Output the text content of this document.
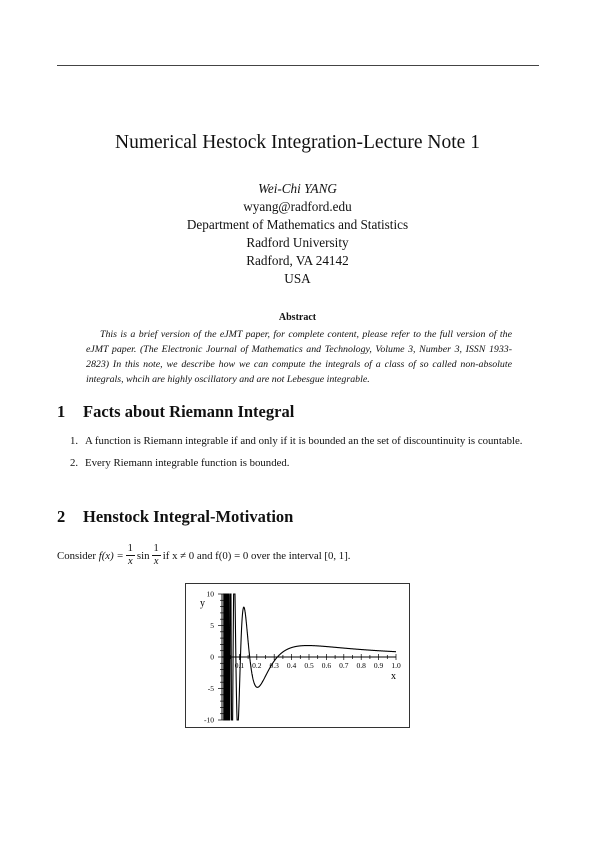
Numerical Hestock Integration-Lecture Note 1
Wei-Chi YANG
wyang@radford.edu
Department of Mathematics and Statistics
Radford University
Radford, VA 24142
USA
Abstract

This is a brief version of the eJMT paper, for complete content, please refer to the full version of the eJMT paper. (The Electronic Journal of Mathematics and Technology, Volume 3, Number 3, ISSN 1933-2823) In this note, we describe how we can compute the integrals of a class of so called non-absolute integrals, whcih are highly oscillatory and are not Lebesgue integrable.

1 Facts about Riemann Integral
1. A function is Riemann integrable if and only if it is bounded an the set of discountinuity is countable.
2. Every Riemann integrable function is bounded.
2 Henstock Integral-Motivation
Consider
$f(x) = \frac{1}{x}$ $\sin \frac{1}{x}$ if x ≠ 0 and f(0) = 0 over the interval [0, 1].
0.1 0.2 0.3 0.4 0.5 0.6 0.7 0.8 0.9 1.0
10
5
0
-5
-10
x
y
